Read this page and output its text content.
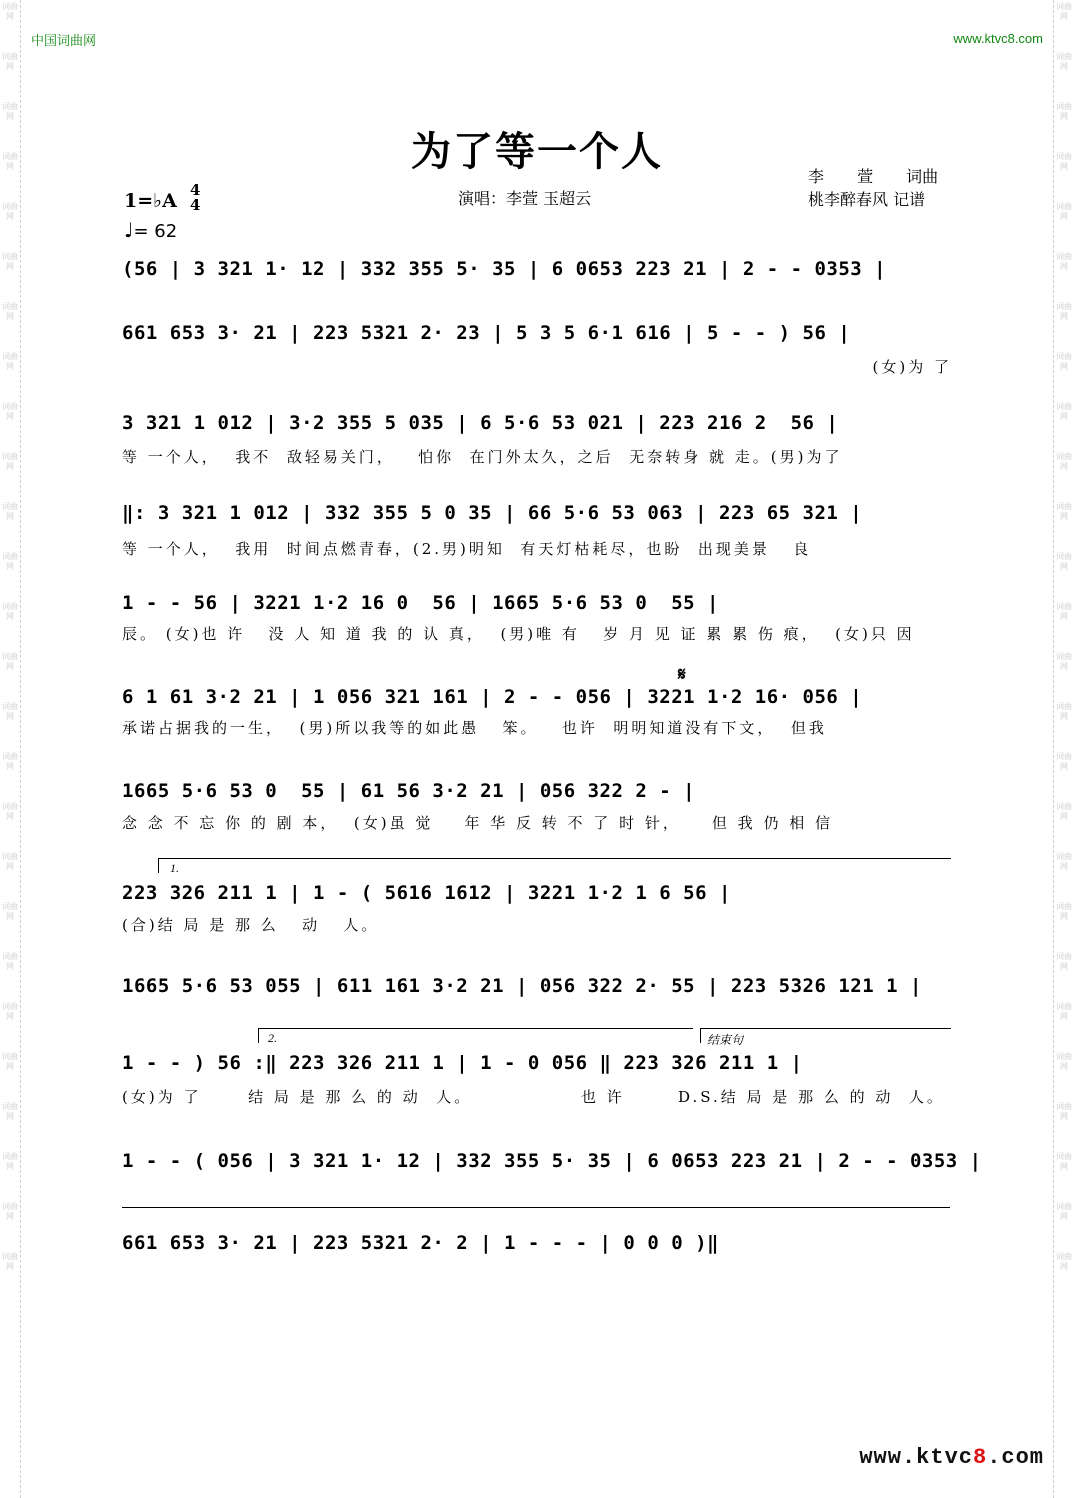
词曲网
词曲网
词曲网
词曲网
词曲网
词曲网
词曲网
词曲网
词曲网
词曲网
词曲网
词曲网
词曲网
词曲网
词曲网
词曲网
词曲网
词曲网
词曲网
词曲网
词曲网
词曲网
词曲网
词曲网
词曲网
词曲网
词曲网
词曲网
词曲网
词曲网
词曲网
词曲网
词曲网
词曲网
词曲网
词曲网
词曲网
词曲网
词曲网
词曲网
词曲网
词曲网
词曲网
词曲网
词曲网
词曲网
词曲网
词曲网
词曲网
词曲网
词曲网
词曲网
中国词曲网	www.ktvc8.com
为了等一个人
演唱：李萱 玉超云
李 萱 词曲
桃李醉春风 记谱
1=♭A 4
4
♩= 62
(56 | 3 321 1· 12 | 332 355 5· 35 | 6 0653 223 21 | 2 - - 0353 |
661 653 3· 21 | 223 5321 2· 23 | 5 3 5 6·1 616 | 5 - - ) 56 |
(女)为 了
3 321 1 012 | 3·2 355 5 035 | 6 5·6 53 021 | 223 216 2  56 |
等 一个人，  我不  敌轻易关门，   怕你  在门外太久，之后  无奈转身 就 走。(男)为了
‖: 3 321 1 012 | 332 355 5 0 35 | 66 5·6 53 063 | 223 65 321 |
等 一个人，  我用  时间点燃青春，(2.男)明知  有天灯枯耗尽，也盼  出现美景   良
1 - - 56 | 3221 1·2 16 0  56 | 1665 5·6 53 0  55 |
辰。 (女)也 许   没 人 知 道 我 的 认 真，  (男)唯 有   岁 月 见 证 累 累 伤 痕，  (女)只 因
𝄋
6 1 61 3·2 21 | 1 056 321 161 | 2 - - 056 | 3221 1·2 16· 056 |
承诺占据我的一生，  (男)所以我等的如此愚   笨。   也许  明明知道没有下文，  但我
1665 5·6 53 0  55 | 61 56 3·2 21 | 056 322 2 - |
念 念 不 忘 你 的 剧 本，  (女)虽 觉    年 华 反 转 不 了 时 针，    但 我 仍 相 信
1.
223 326 211 1 | 1 - ( 5616 1612 | 3221 1·2 1 6 56 |
(合)结 局 是 那 么   动   人。
1665 5·6 53 055 | 611 161 3·2 21 | 056 322 2· 55 | 223 5326 121 1 |
2.	结束句
1 - - ) 56 :‖ 223 326 211 1 | 1 - 0 056 ‖ 223 326 211 1 |
(女)为 了      结 局 是 那 么 的 动  人。              也 许	D.S.结 局 是 那 么 的 动  人。
1 - - ( 056 | 3 321 1· 12 | 332 355 5· 35 | 6 0653 223 21 | 2 - - 0353 |
661 653 3· 21 | 223 5321 2· 2 | 1 - - - | 0 0 0 )‖
www.ktvc8.com
